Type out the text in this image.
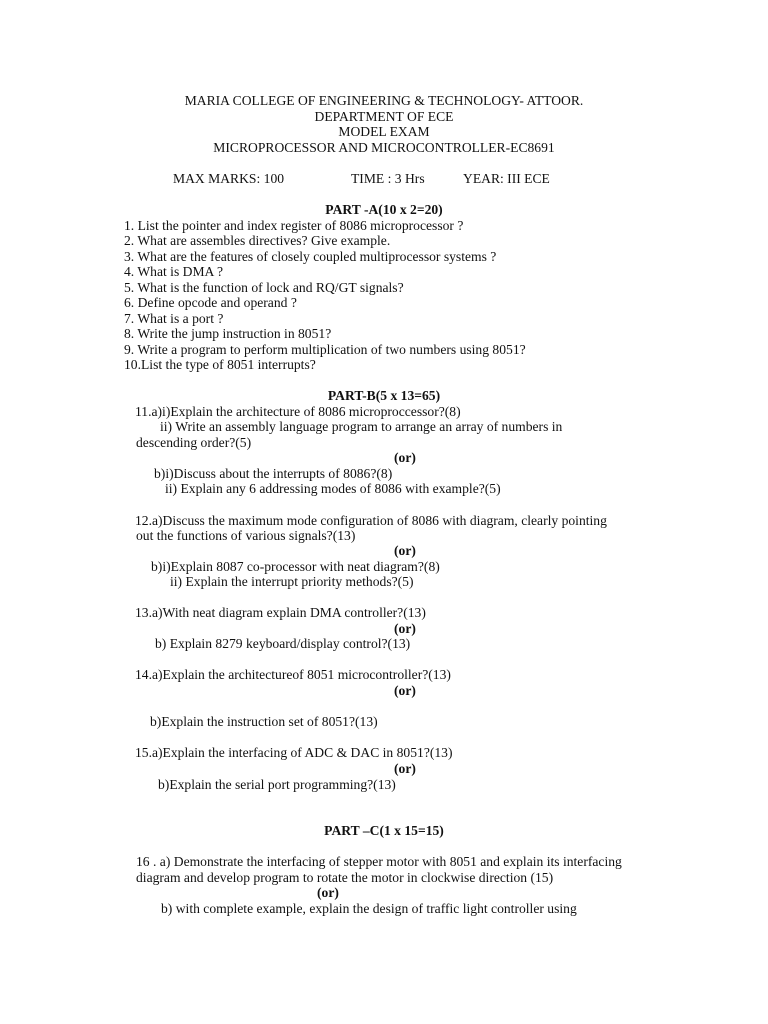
MARIA COLLEGE OF ENGINEERING & TECHNOLOGY- ATTOOR.
DEPARTMENT OF ECE
MODEL EXAM
MICROPROCESSOR AND MICROCONTROLLER-EC8691
MAX MARKS: 100	TIME : 3 Hrs	YEAR: III ECE
PART -A(10 x 2=20)
1. List the pointer and index register of 8086 microprocessor ?
2. What are assembles directives? Give example.
3. What are the features of closely coupled multiprocessor systems ?
4. What is DMA ?
5. What is the function of lock and RQ/GT signals?
6. Define opcode and operand ?
7. What is a port ?
8. Write the jump instruction in 8051?
9. Write a program to perform multiplication of two numbers using 8051?
10.List the type of 8051 interrupts?
PART-B(5 x 13=65)
11.a)i)Explain the architecture of 8086 microproccessor?(8)
ii) Write an assembly language program to arrange an array of numbers in
descending order?(5)
(or)
b)i)Discuss about the interrupts of 8086?(8)
ii) Explain any 6 addressing modes of 8086 with example?(5)
12.a)Discuss the maximum mode configuration of 8086 with diagram, clearly pointing
out the functions of various signals?(13)
(or)
b)i)Explain 8087 co-processor with neat diagram?(8)
ii) Explain the interrupt priority methods?(5)
13.a)With neat diagram explain DMA controller?(13)
(or)
b) Explain 8279 keyboard/display control?(13)
14.a)Explain the architectureof 8051 microcontroller?(13)
(or)
b)Explain the instruction set of 8051?(13)
15.a)Explain the interfacing of ADC & DAC in 8051?(13)
(or)
b)Explain the serial port programming?(13)
PART –C(1 x 15=15)
16 . a) Demonstrate the interfacing of stepper motor with 8051 and explain its interfacing
diagram and develop program to rotate the motor in clockwise direction (15)
(or)
b) with complete example, explain the design of traffic light controller using
